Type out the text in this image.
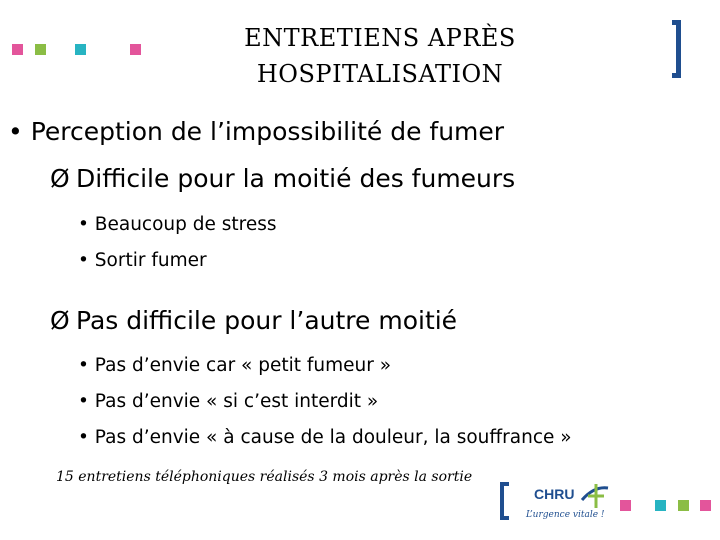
ENTRETIENS APRÈS
HOSPITALISATION
• Perception de l’impossibilité de fumer
Ø Difficile pour la moitié des fumeurs
• Beaucoup de stress
• Sortir fumer
Ø Pas difficile pour l’autre moitié
• Pas d’envie car « petit fumeur »
• Pas d’envie « si c’est interdit »
• Pas d’envie « à cause de la douleur, la souffrance »
15 entretiens téléphoniques réalisés 3 mois après la sortie
CHRU
L’urgence vitale !
